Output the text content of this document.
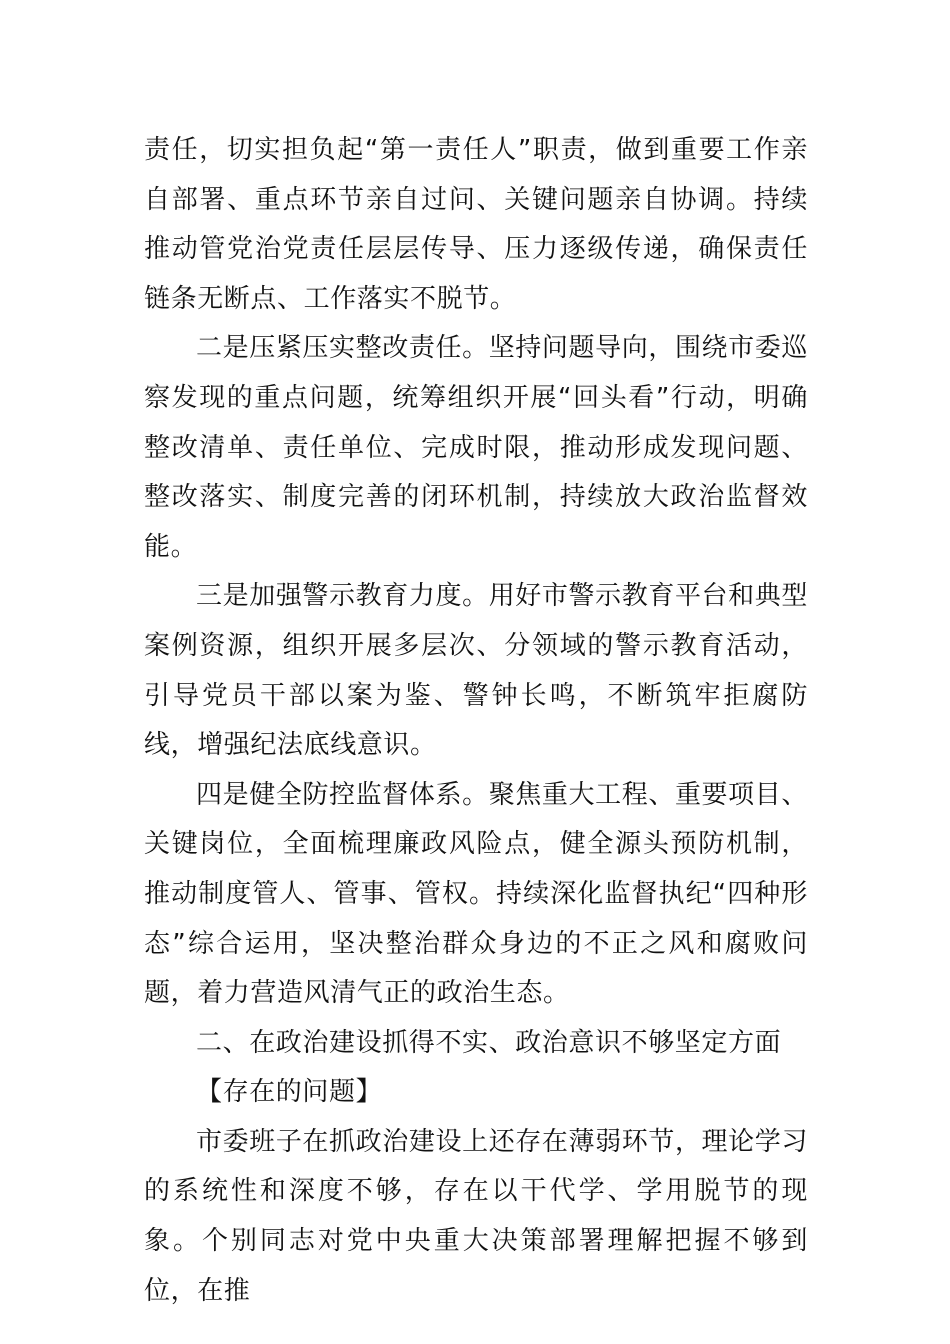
责任，切实担负起“第一责任人”职责，做到重要工作亲自部署、重点环节亲自过问、关键问题亲自协调。持续推动管党治党责任层层传导、压力逐级传递，确保责任链条无断点、工作落实不脱节。

二是压紧压实整改责任。坚持问题导向，围绕市委巡察发现的重点问题，统筹组织开展“回头看”行动，明确整改清单、责任单位、完成时限，推动形成发现问题、整改落实、制度完善的闭环机制，持续放大政治监督效能。

三是加强警示教育力度。用好市警示教育平台和典型案例资源，组织开展多层次、分领域的警示教育活动，引导党员干部以案为鉴、警钟长鸣，不断筑牢拒腐防线，增强纪法底线意识。

四是健全防控监督体系。聚焦重大工程、重要项目、关键岗位，全面梳理廉政风险点，健全源头预防机制，推动制度管人、管事、管权。持续深化监督执纪“四种形态”综合运用，坚决整治群众身边的不正之风和腐败问题，着力营造风清气正的政治生态。

二、在政治建设抓得不实、政治意识不够坚定方面

【存在的问题】

市委班子在抓政治建设上还存在薄弱环节，理论学习的系统性和深度不够，存在以干代学、学用脱节的现象。个别同志对党中央重大决策部署理解把握不够到位，在推
